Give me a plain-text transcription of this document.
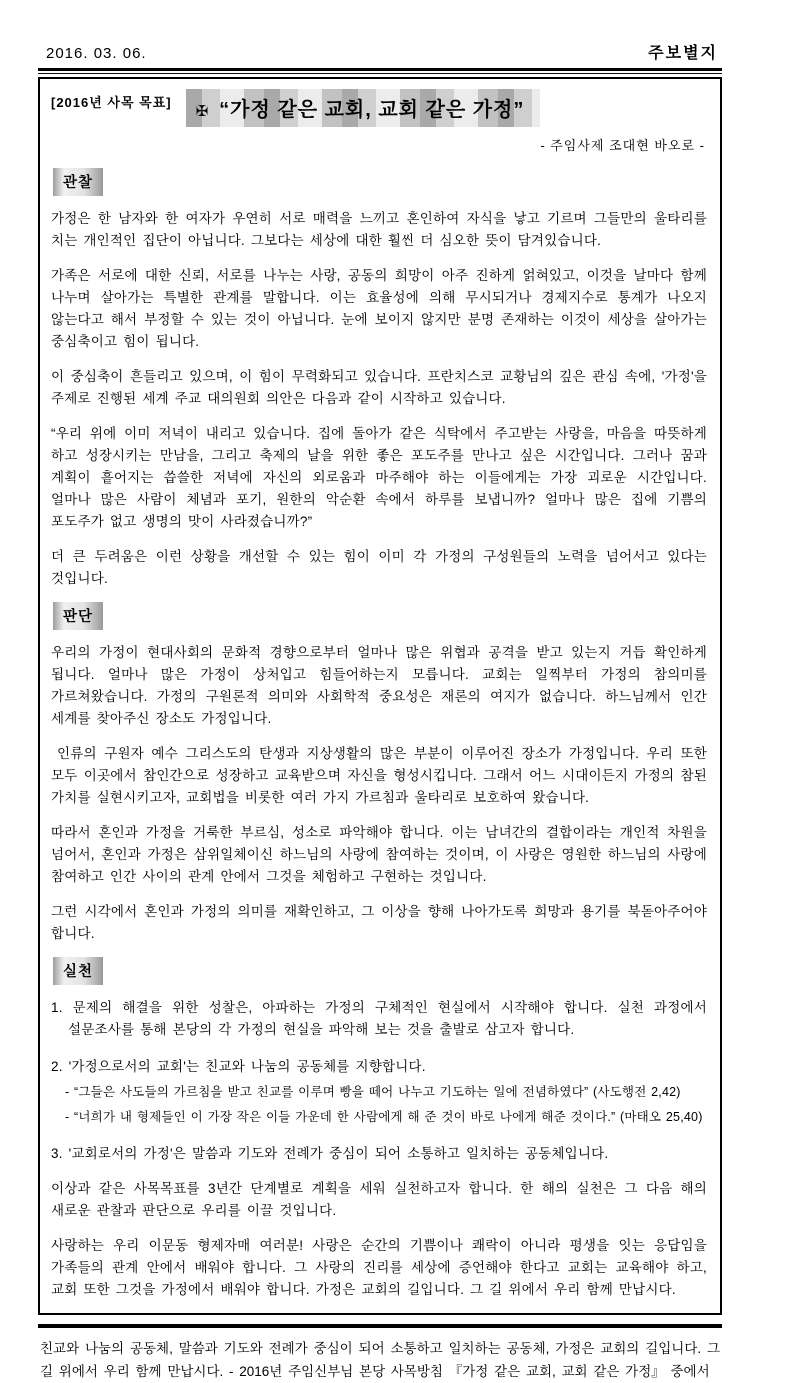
2016. 03. 06.	주보별지
[2016년 사목 목표]
✠ “가정 같은 교회, 교회 같은 가정”
- 주임사제 조대현 바오로 -
관찰

가정은 한 남자와 한 여자가 우연히 서로 매력을 느끼고 혼인하여 자식을 낳고 기르며 그들만의 울타리를 치는 개인적인 집단이 아닙니다. 그보다는 세상에 대한 훨씬 더 심오한 뜻이 담겨있습니다.

가족은 서로에 대한 신뢰, 서로를 나누는 사랑, 공동의 희망이 아주 진하게 얽혀있고, 이것을 날마다 함께 나누며 살아가는 특별한 관계를 말합니다. 이는 효율성에 의해 무시되거나 경제지수로 통계가 나오지 않는다고 해서 부정할 수 있는 것이 아닙니다. 눈에 보이지 않지만 분명 존재하는 이것이 세상을 살아가는 중심축이고 힘이 됩니다.

이 중심축이 흔들리고 있으며, 이 힘이 무력화되고 있습니다. 프란치스코 교황님의 깊은 관심 속에, '가정'을 주제로 진행된 세계 주교 대의원회 의안은 다음과 같이 시작하고 있습니다.

“우리 위에 이미 저녁이 내리고 있습니다. 집에 돌아가 같은 식탁에서 주고받는 사랑을, 마음을 따뜻하게 하고 성장시키는 만남을, 그리고 축제의 날을 위한 좋은 포도주를 만나고 싶은 시간입니다. 그러나 꿈과 계획이 흩어지는 씁쓸한 저녁에 자신의 외로움과 마주해야 하는 이들에게는 가장 괴로운 시간입니다. 얼마나 많은 사람이 체념과 포기, 원한의 악순환 속에서 하루를 보냅니까? 얼마나 많은 집에 기쁨의 포도주가 없고 생명의 맛이 사라졌습니까?”

더 큰 두려움은 이런 상황을 개선할 수 있는 힘이 이미 각 가정의 구성원들의 노력을 넘어서고 있다는 것입니다.

판단

우리의 가정이 현대사회의 문화적 경향으로부터 얼마나 많은 위협과 공격을 받고 있는지 거듭 확인하게 됩니다. 얼마나 많은 가정이 상처입고 힘들어하는지 모릅니다. 교회는 일찍부터 가정의 참의미를 가르쳐왔습니다. 가정의 구원론적 의미와 사회학적 중요성은 재론의 여지가 없습니다. 하느님께서 인간 세계를 찾아주신 장소도 가정입니다.

인류의 구원자 예수 그리스도의 탄생과 지상생활의 많은 부분이 이루어진 장소가 가정입니다. 우리 또한 모두 이곳에서 참인간으로 성장하고 교육받으며 자신을 형성시킵니다. 그래서 어느 시대이든지 가정의 참된 가치를 실현시키고자, 교회법을 비롯한 여러 가지 가르침과 울타리로 보호하여 왔습니다.

따라서 혼인과 가정을 거룩한 부르심, 성소로 파악해야 합니다. 이는 남녀간의 결합이라는 개인적 차원을 넘어서, 혼인과 가정은 삼위일체이신 하느님의 사랑에 참여하는 것이며, 이 사랑은 영원한 하느님의 사랑에 참여하고 인간 사이의 관계 안에서 그것을 체험하고 구현하는 것입니다.

그런 시각에서 혼인과 가정의 의미를 재확인하고, 그 이상을 향해 나아가도록 희망과 용기를 북돋아주어야 합니다.

실천

1. 문제의 해결을 위한 성찰은, 아파하는 가정의 구체적인 현실에서 시작해야 합니다. 실천 과정에서 설문조사를 통해 본당의 각 가정의 현실을 파악해 보는 것을 출발로 삼고자 합니다.

2. '가정으로서의 교회'는 친교와 나눔의 공동체를 지향합니다.

- “그들은 사도들의 가르침을 받고 친교를 이루며 빵을 떼어 나누고 기도하는 일에 전념하였다” (사도행전 2,42)

- “너희가 내 형제들인 이 가장 작은 이들 가운데 한 사람에게 해 준 것이 바로 나에게 해준 것이다.” (마태오 25,40)

3. '교회로서의 가정'은 말씀과 기도와 전례가 중심이 되어 소통하고 일치하는 공동체입니다.

이상과 같은 사목목표를 3년간 단계별로 계획을 세워 실천하고자 합니다. 한 해의 실천은 그 다음 해의 새로운 관찰과 판단으로 우리를 이끌 것입니다.

사랑하는 우리 이문동 형제자매 여러분! 사랑은 순간의 기쁨이나 쾌락이 아니라 평생을 잇는 응답임을 가족들의 관계 안에서 배워야 합니다. 그 사랑의 진리를 세상에 증언해야 한다고 교회는 교육해야 하고, 교회 또한 그것을 가정에서 배워야 합니다. 가정은 교회의 길입니다. 그 길 위에서 우리 함께 만납시다.

친교와 나눔의 공동체, 말씀과 기도와 전례가 중심이 되어 소통하고 일치하는 공동체, 가정은 교회의 길입니다. 그 길 위에서 우리 함께 만납시다. - 2016년 주임신부님 본당 사목방침 『가정 같은 교회, 교회 같은 가정』 중에서
